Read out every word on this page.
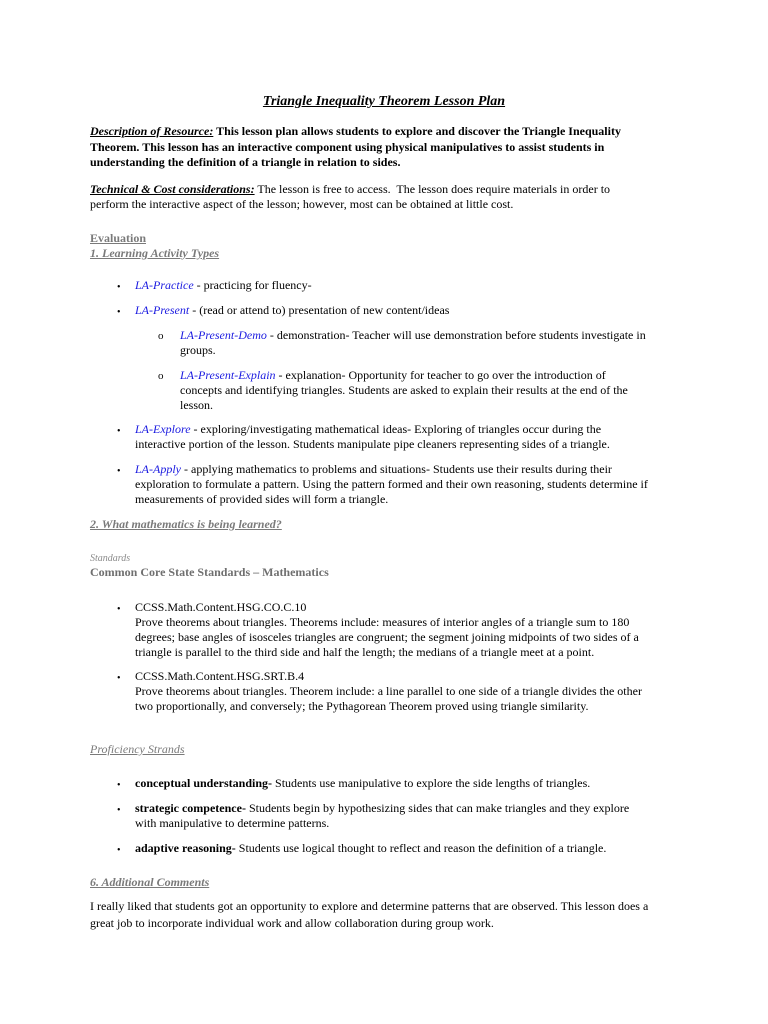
Triangle Inequality Theorem Lesson Plan
Description of Resource: This lesson plan allows students to explore and discover the Triangle Inequality
Theorem. This lesson has an interactive component using physical manipulatives to assist students in
understanding the definition of a triangle in relation to sides.
Technical & Cost considerations: The lesson is free to access.  The lesson does require materials in order to
perform the interactive aspect of the lesson; however, most can be obtained at little cost.
Evaluation
1. Learning Activity Types
• LA-Practice - practicing for fluency-
• LA-Present - (read or attend to) presentation of new content/ideas
o LA-Present-Demo - demonstration- Teacher will use demonstration before students investigate in
groups.
o LA-Present-Explain - explanation- Opportunity for teacher to go over the introduction of
concepts and identifying triangles. Students are asked to explain their results at the end of the
lesson.
• LA-Explore - exploring/investigating mathematical ideas- Exploring of triangles occur during the
interactive portion of the lesson. Students manipulate pipe cleaners representing sides of a triangle.
• LA-Apply - applying mathematics to problems and situations- Students use their results during their
exploration to formulate a pattern. Using the pattern formed and their own reasoning, students determine if
measurements of provided sides will form a triangle.
2. What mathematics is being learned?
Standards
Common Core State Standards – Mathematics
• CCSS.Math.Content.HSG.CO.C.10
Prove theorems about triangles. Theorems include: measures of interior angles of a triangle sum to 180
degrees; base angles of isosceles triangles are congruent; the segment joining midpoints of two sides of a
triangle is parallel to the third side and half the length; the medians of a triangle meet at a point.
• CCSS.Math.Content.HSG.SRT.B.4
Prove theorems about triangles. Theorem include: a line parallel to one side of a triangle divides the other
two proportionally, and conversely; the Pythagorean Theorem proved using triangle similarity.
Proficiency Strands
• conceptual understanding- Students use manipulative to explore the side lengths of triangles.
• strategic competence- Students begin by hypothesizing sides that can make triangles and they explore
with manipulative to determine patterns.
• adaptive reasoning- Students use logical thought to reflect and reason the definition of a triangle.
6. Additional Comments
I really liked that students got an opportunity to explore and determine patterns that are observed. This lesson does a
great job to incorporate individual work and allow collaboration during group work.
